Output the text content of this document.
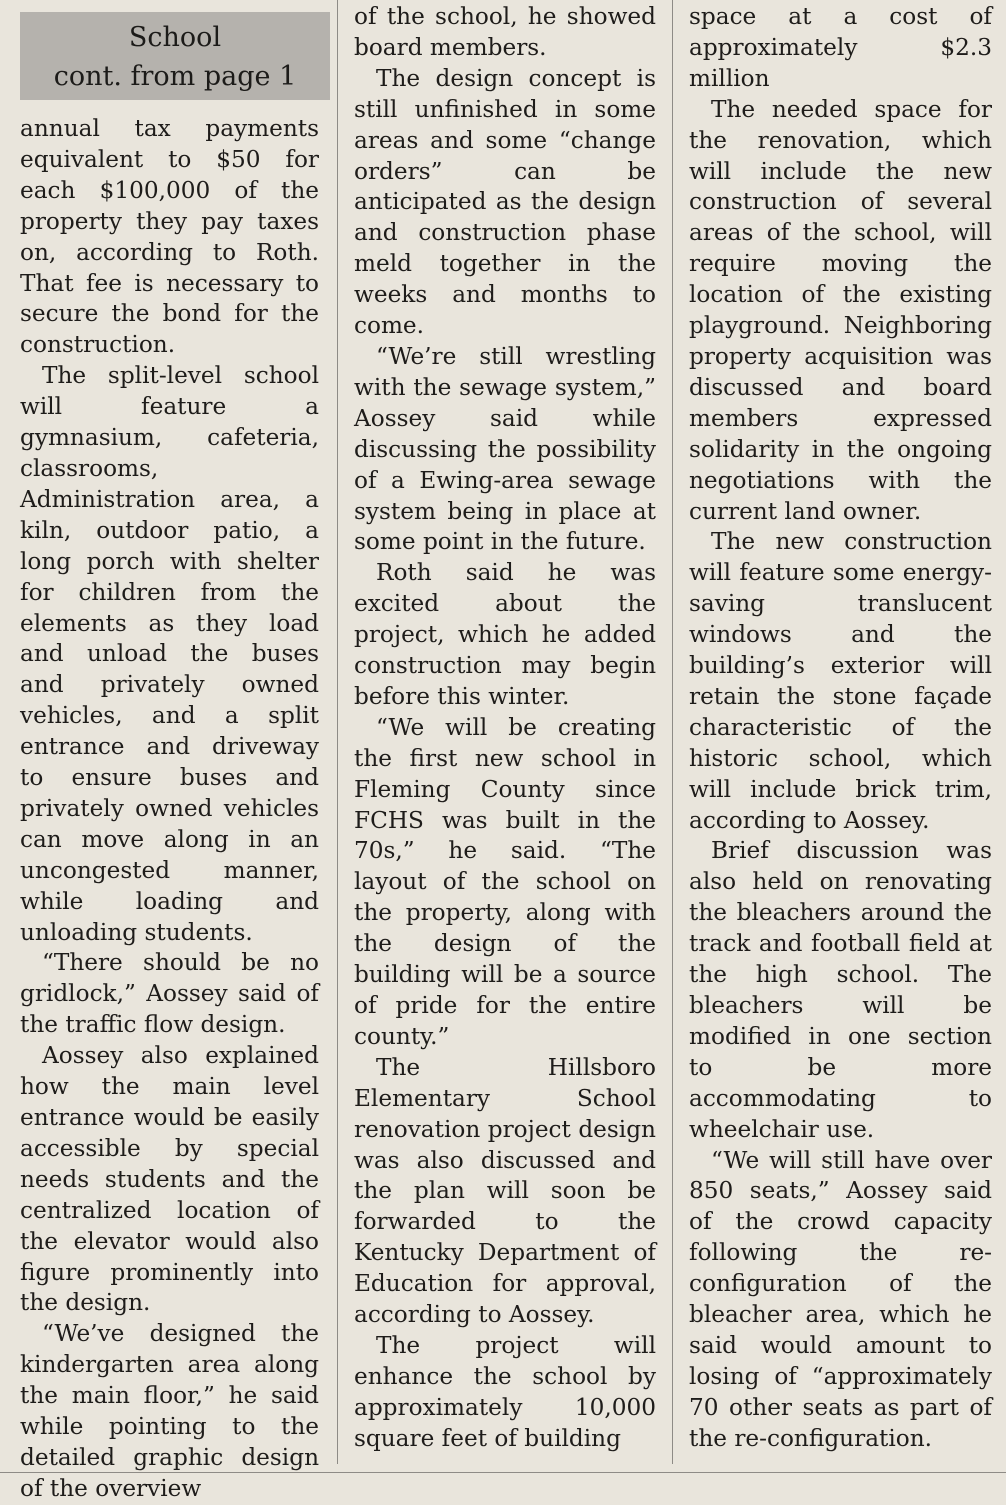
School
cont. from page 1

annual tax payments equivalent to $50 for each $100,000 of the property they pay taxes on, according to Roth. That fee is necessary to secure the bond for the construction.

The split-level school will feature a gymnasium, cafeteria, classrooms, Administration area, a kiln, outdoor patio, a long porch with shelter for children from the elements as they load and unload the buses and privately owned vehicles, and a split entrance and driveway to ensure buses and privately owned vehicles can move along in an uncongested manner, while loading and unloading students.

“There should be no gridlock,” Aossey said of the traffic flow design.

Aossey also explained how the main level entrance would be easily accessible by special needs students and the centralized location of the elevator would also figure prominently into the design.

“We’ve designed the kindergarten area along the main floor,” he said while pointing to the detailed graphic design of the overview

of the school, he showed board members.

The design concept is still unfinished in some areas and some “change orders” can be anticipated as the design and construction phase meld together in the weeks and months to come.

“We’re still wrestling with the sewage system,” Aossey said while discussing the possibility of a Ewing-area sewage system being in place at some point in the future.

Roth said he was excited about the project, which he added construction may begin before this winter.

“We will be creating the first new school in Fleming County since FCHS was built in the 70s,” he said. “The layout of the school on the property, along with the design of the building will be a source of pride for the entire county.”

The Hillsboro Elementary School renovation project design was also discussed and the plan will soon be forwarded to the Kentucky Department of Education for approval, according to Aossey.

The project will enhance the school by approximately 10,000 square feet of building

space at a cost of approximately $2.3 million

The needed space for the renovation, which will include the new construction of several areas of the school, will require moving the location of the existing playground. Neighboring property acquisition was discussed and board members expressed solidarity in the ongoing negotiations with the current land owner.

The new construction will feature some energy-saving translucent windows and the building’s exterior will retain the stone façade characteristic of the historic school, which will include brick trim, according to Aossey.

Brief discussion was also held on renovating the bleachers around the track and football field at the high school. The bleachers will be modified in one section to be more accommodating to wheelchair use.

“We will still have over 850 seats,” Aossey said of the crowd capacity following the re-configuration of the bleacher area, which he said would amount to losing of “approximately 70 other seats as part of the re-configuration.
